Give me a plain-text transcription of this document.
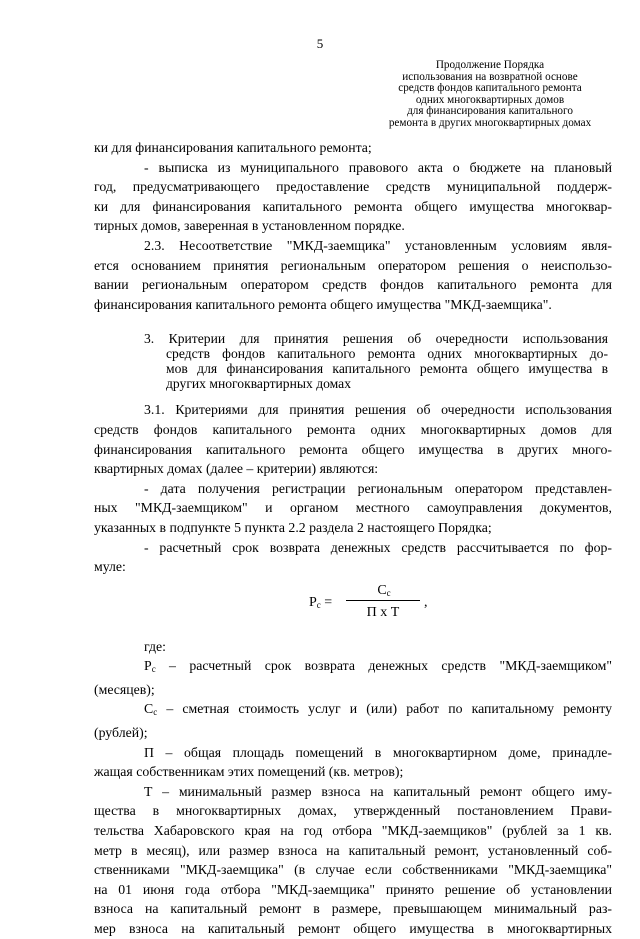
5
Продолжение Порядка
использования на возвратной основе
средств фондов капитального ремонта
одних многоквартирных домов
для финансирования капитального
ремонта в других многоквартирных домах
ки для финансирования капитального ремонта;
- выписка из муниципального правового акта о бюджете на плановый
год, предусматривающего предоставление средств муниципальной поддерж-
ки для финансирования капитального ремонта общего имущества многоквар-
тирных домов, заверенная в установленном порядке.
2.3. Несоответствие "МКД-заемщика" установленным условиям явля-
ется основанием принятия региональным оператором решения о неиспользо-
вании региональным оператором средств фондов капитального ремонта для
финансирования капитального ремонта общего имущества "МКД-заемщика".
3. Критерии для принятия решения об очередности использования
средств фондов капитального ремонта одних многоквартирных до-
мов для финансирования капитального ремонта общего имущества в
других многоквартирных домах
3.1. Критериями для принятия решения об очередности использования
средств фондов капитального ремонта одних многоквартирных домов для
финансирования капитального ремонта общего имущества в других много-
квартирных домах (далее – критерии) являются:
- дата получения регистрации региональным оператором представлен-
ных "МКД-заемщиком" и органом местного самоуправления документов,
указанных в подпункте 5 пункта 2.2 раздела 2 настоящего Порядка;
- расчетный срок возврата денежных средств рассчитывается по фор-
муле:
$Р_с$ =
$С_с$
П х Т
,
где:
$Р_с$ – расчетный срок возврата денежных средств "МКД-заемщиком"
(месяцев);
$С_с$ – сметная стоимость услуг и (или) работ по капитальному ремонту
(рублей);
П – общая площадь помещений в многоквартирном доме, принадле-
жащая собственникам этих помещений (кв. метров);
Т – минимальный размер взноса на капитальный ремонт общего иму-
щества в многоквартирных домах, утвержденный постановлением Прави-
тельства Хабаровского края на год отбора "МКД-заемщиков" (рублей за 1 кв.
метр в месяц), или размер взноса на капитальный ремонт, установленный соб-
ственниками "МКД-заемщика" (в случае если собственниками "МКД-заемщика"
на 01 июня года отбора "МКД-заемщика" принято решение об установлении
взноса на капитальный ремонт в размере, превышающем минимальный раз-
мер взноса на капитальный ремонт общего имущества в многоквартирных
